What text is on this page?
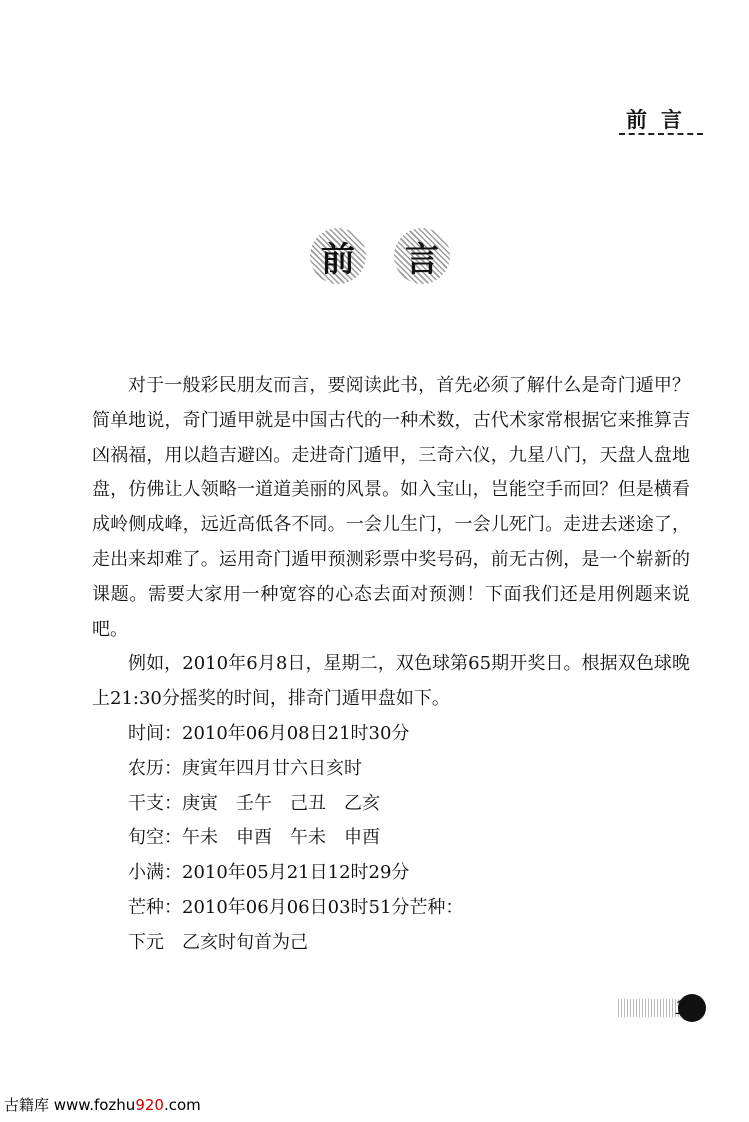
前言
前	言

对于一般彩民朋友而言，要阅读此书，首先必须了解什么是奇门遁甲？简单地说，奇门遁甲就是中国古代的一种术数，古代术家常根据它来推算吉凶祸福，用以趋吉避凶。走进奇门遁甲，三奇六仪，九星八门，天盘人盘地盘，仿佛让人领略一道道美丽的风景。如入宝山，岂能空手而回？但是横看成岭侧成峰，远近高低各不同。一会儿生门，一会儿死门。走进去迷途了，走出来却难了。运用奇门遁甲预测彩票中奖号码，前无古例，是一个崭新的课题。需要大家用一种宽容的心态去面对预测！下面我们还是用例题来说吧。

例如，2010年6月8日，星期二，双色球第65期开奖日。根据双色球晚上21:30分摇奖的时间，排奇门遁甲盘如下。

时间：2010年06月08日21时30分
农历：庚寅年四月廿六日亥时
干支：庚寅　壬午　己丑　乙亥
旬空：午未　申酉　午未　申酉
小满：2010年05月21日12时29分
芒种：2010年06月06日03时51分芒种：
下元　乙亥时旬首为己
1
古籍库 www.fozhu920.com
